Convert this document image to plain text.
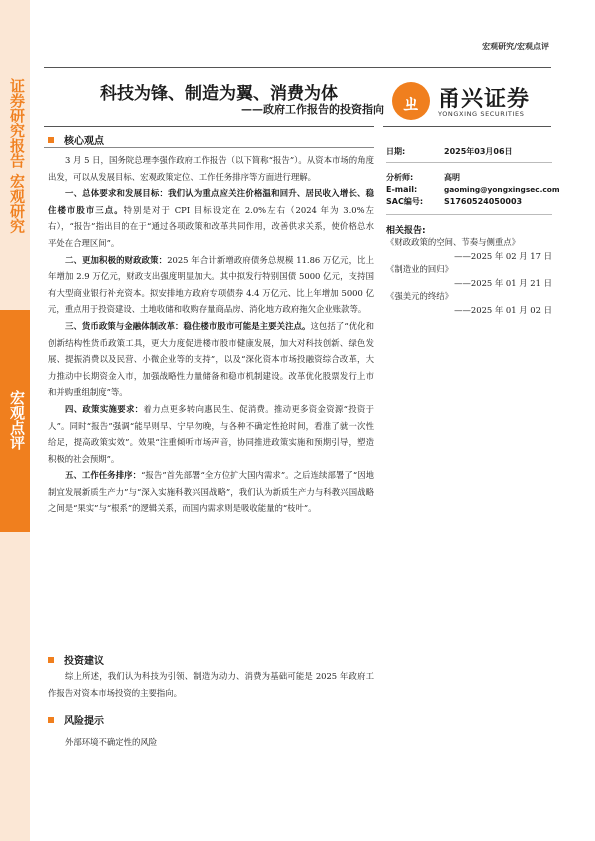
证券研究报告 宏观研究
宏观点评
宏观研究/宏观点评
科技为锋、制造为翼、消费为体
——政府工作报告的投资指向 ㄓ 甬兴证券
YONGXING SECURITIES
核心观点

3 月 5 日，国务院总理李强作政府工作报告（以下简称“报告”）。从资本市场的角度出发，可以从发展目标、宏观政策定位、工作任务排序等方面进行理解。

一、总体要求和发展目标：我们认为重点应关注价格温和回升、居民收入增长、稳住楼市股市三点。特别是对于 CPI 目标设定在 2.0%左右（2024 年为 3.0%左右），“报告”指出目的在于“通过各项政策和改革共同作用，改善供求关系，使价格总水平处在合理区间”。

二、更加积极的财政政策：2025 年合计新增政府债务总规模 11.86 万亿元，比上年增加 2.9 万亿元，财政支出强度明显加大。其中拟发行特别国债 5000 亿元，支持国有大型商业银行补充资本。拟安排地方政府专项债券 4.4 万亿元、比上年增加 5000 亿元，重点用于投资建设、土地收储和收购存量商品房、消化地方政府拖欠企业账款等。

三、货币政策与金融体制改革：稳住楼市股市可能是主要关注点。这包括了“优化和创新结构性货币政策工具，更大力度促进楼市股市健康发展，加大对科技创新、绿色发展、提振消费以及民营、小微企业等的支持”，以及“深化资本市场投融资综合改革，大力推动中长期资金入市，加强战略性力量储备和稳市机制建设。改革优化股票发行上市和并购重组制度”等。

四、政策实施要求：着力点更多转向惠民生、促消费。推动更多资金资源“投资于人”。同时“报告”强调“能早则早、宁早勿晚，与各种不确定性抢时间，看准了就一次性给足，提高政策实效”。效果“注重倾听市场声音，协同推进政策实施和预期引导，塑造积极的社会预期”。

五、工作任务排序：“报告”首先部署“全方位扩大国内需求”。之后连续部署了“因地制宜发展新质生产力”与“深入实施科教兴国战略”，我们认为新质生产力与科教兴国战略之间是“果实”与“根系”的逻辑关系，而国内需求则是吸收能量的“枝叶”。

投资建议

综上所述，我们认为科技为引领、制造为动力、消费为基础可能是 2025 年政府工作报告对资本市场投资的主要指向。

风险提示

外部环境不确定性的风险

日期:	2025年03月06日
分析师:	高明
E-mail:	gaoming@yongxingsec.com
SAC编号:	S1760524050003
相关报告:
《财政政策的空间、节奏与侧重点》
——2025 年 02 月 17 日
《制造业的回归》
——2025 年 01 月 21 日
《强美元的终结》
——2025 年 01 月 02 日
